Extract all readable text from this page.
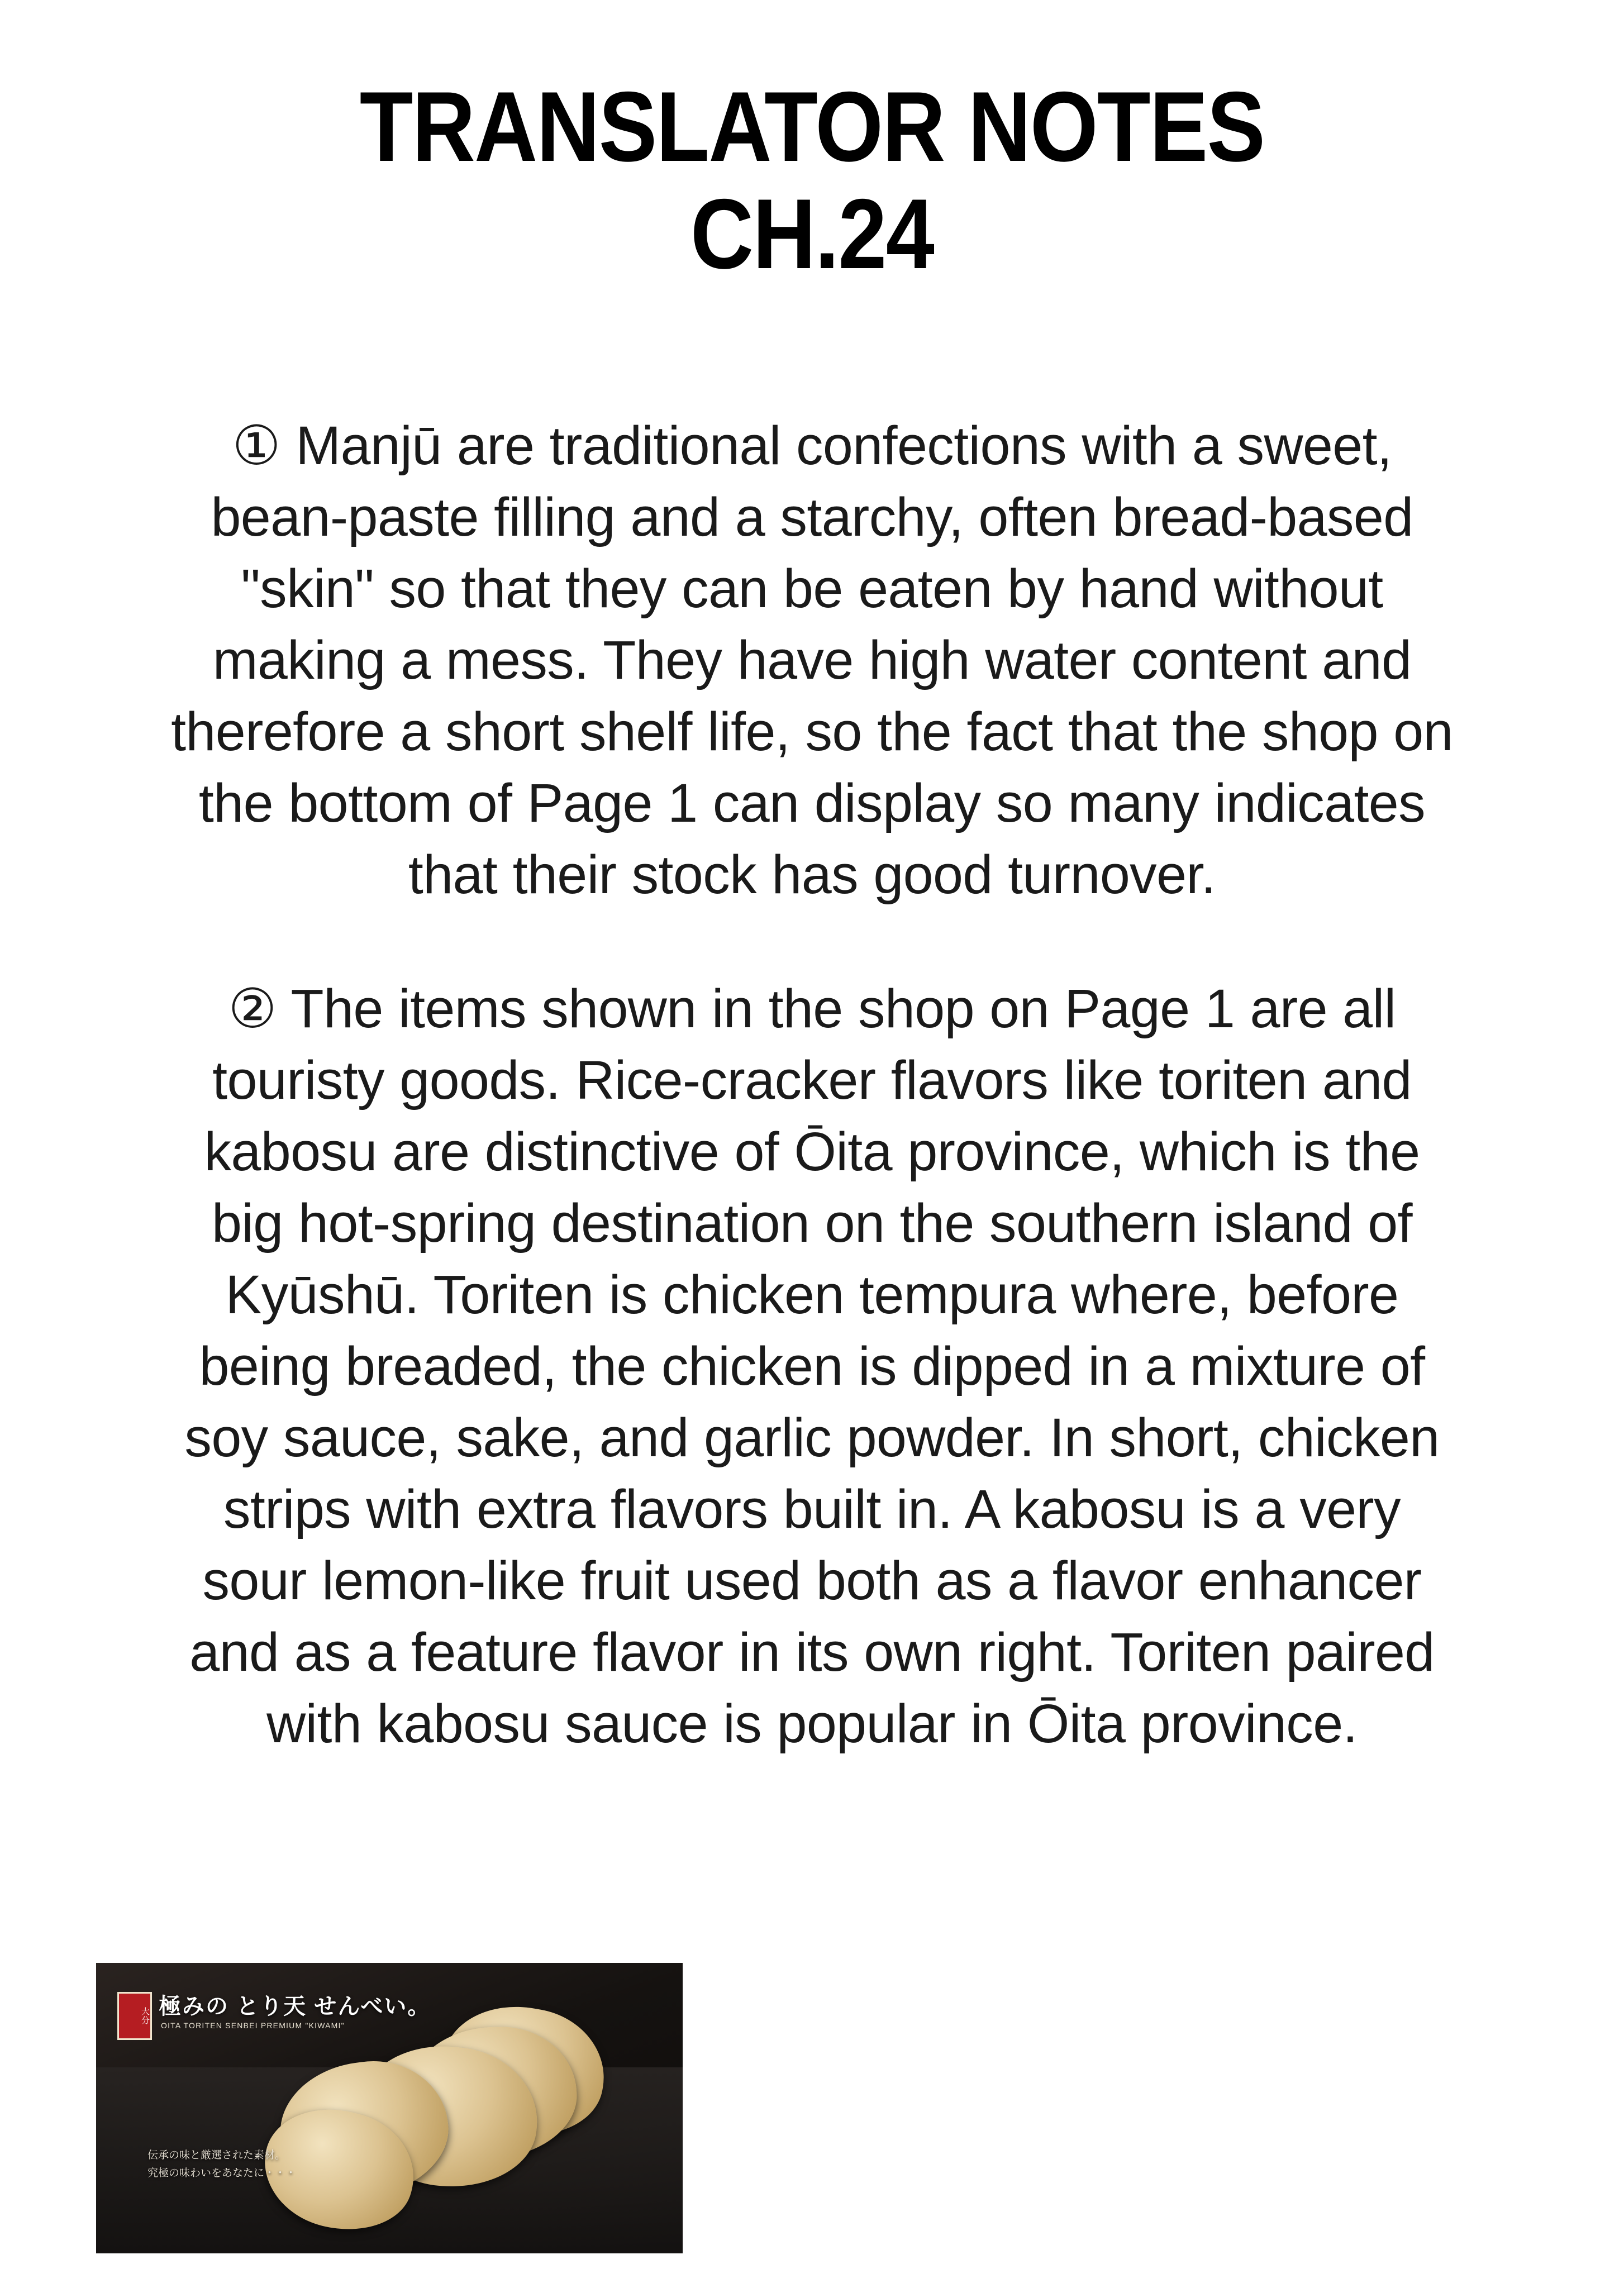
TRANSLATOR NOTES
CH.24

① Manjū are traditional confections with a sweet, bean-paste filling and a starchy, often bread-based "skin" so that they can be eaten by hand without making a mess. They have high water content and therefore a short shelf life, so the fact that the shop on the bottom of Page 1 can display so many indicates that their stock has good turnover.

② The items shown in the shop on Page 1 are all touristy goods. Rice-cracker flavors like toriten and kabosu are distinctive of Ōita province, which is the big hot-spring destination on the southern island of Kyūshū. Toriten is chicken tempura where, before being breaded, the chicken is dipped in a mixture of soy sauce, sake, and garlic powder. In short, chicken strips with extra flavors built in. A kabosu is a very sour lemon-like fruit used both as a flavor enhancer and as a feature flavor in its own right. Toriten paired with kabosu sauce is popular in Ōita province.

大分 極みの とり天 せんべい。
OITA TORITEN SENBEI PREMIUM "KIWAMI"
伝承の味と厳選された素材。
究極の味わいをあなたに・・・
